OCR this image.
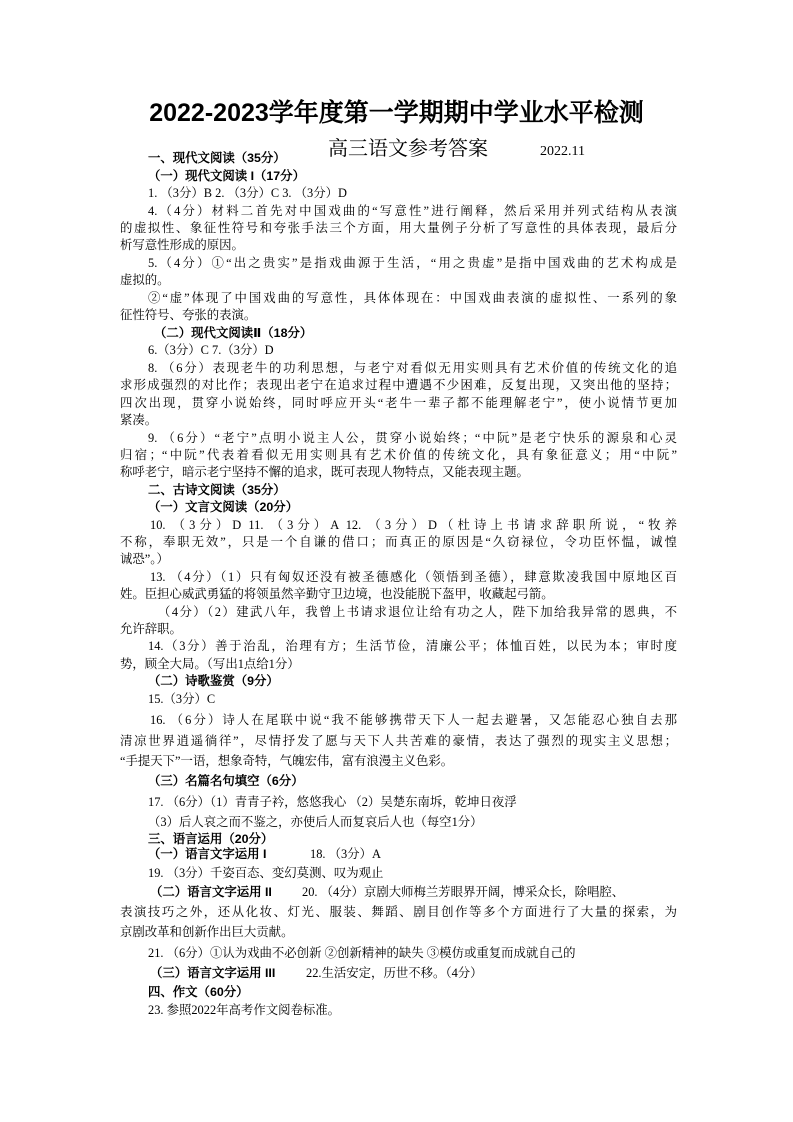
2022-2023学年度第一学期期中学业水平检测
高三语文参考答案	2022.11
一、现代文阅读（35分）
（一）现代文阅读 I（17分）
1. （3分）B 2. （3分）C 3. （3分）D
4.（4分）材料二首先对中国戏曲的“写意性”进行阐释，然后采用并列式结构从表演
的虚拟性、象征性符号和夸张手法三个方面，用大量例子分析了写意性的具体表现，最后分
析写意性形成的原因。
5.（4分）①“出之贵实”是指戏曲源于生活，“用之贵虚”是指中国戏曲的艺术构成是
虚拟的。
②“虚”体现了中国戏曲的写意性，具体体现在：中国戏曲表演的虚拟性、一系列的象
征性符号、夸张的表演。
（二）现代文阅读Ⅱ（18分）
6.（3分）C 7.（3分）D
8. （6分）表现老牛的功利思想，与老宁对看似无用实则具有艺术价值的传统文化的追
求形成强烈的对比作；表现出老宁在追求过程中遭遇不少困难，反复出现，又突出他的坚持；
四次出现，贯穿小说始终，同时呼应开头“老牛一辈子都不能理解老宁”，使小说情节更加
紧凑。
9. （6分）“老宁”点明小说主人公，贯穿小说始终；“中阮”是老宁快乐的源泉和心灵
归宿；“中阮”代表着看似无用实则具有艺术价值的传统文化，具有象征意义；用“中阮”
称呼老宁，暗示老宁坚持不懈的追求，既可表现人物特点，又能表现主题。
二、古诗文阅读（35分）
（一）文言文阅读（20分）
10. （3分）D 11. （3分）A 12. （3分）D（杜诗上书请求辞职所说，“牧养
不称，奉职无效”，只是一个自谦的借口；而真正的原因是“久窃禄位，令功臣怀愠，诚惶
诚恐”。）
13. （4分）（1）只有匈奴还没有被圣德感化（领悟到圣德），肆意欺凌我国中原地区百
姓。臣担心威武勇猛的将领虽然辛勤守卫边境，也没能脱下盔甲，收藏起弓箭。
（4分）（2）建武八年，我曾上书请求退位让给有功之人，陛下加给我异常的恩典，不
允许辞职。
14.（3分）善于治乱，治理有方；生活节俭，清廉公平；体恤百姓，以民为本；审时度
势，顾全大局。（写出1点给1分）
（二）诗歌鉴赏（9分）
15.（3分）C
16. （6分）诗人在尾联中说“我不能够携带天下人一起去避暑，又怎能忍心独自去那
清凉世界逍遥徜徉”，尽情抒发了愿与天下人共苦难的豪情，表达了强烈的现实主义思想；
“手提天下”一语，想象奇特，气魄宏伟，富有浪漫主义色彩。
（三）名篇名句填空（6分）
17. （6分）（1）青青子衿，悠悠我心 （2）吴楚东南坼，乾坤日夜浮
（3）后人哀之而不鉴之，亦使后人而复哀后人也（每空1分）
三、语言运用（20分）
（一）语言文字运用 I	18. （3分）A
19. （3分）千姿百态、变幻莫测、叹为观止
（二）语言文字运用 II 20. （4分）京剧大师梅兰芳眼界开阔，博采众长，除唱腔、
表演技巧之外，还从化妆、灯光、服装、舞蹈、剧目创作等多个方面进行了大量的探索，为
京剧改革和创新作出巨大贡献。
21. （6分）①认为戏曲不必创新 ②创新精神的缺失 ③模仿或重复而成就自己的
（三）语言文字运用 III 22.生活安定，历世不移。（4分）
四、作文（60分）
23. 参照2022年高考作文阅卷标准。
